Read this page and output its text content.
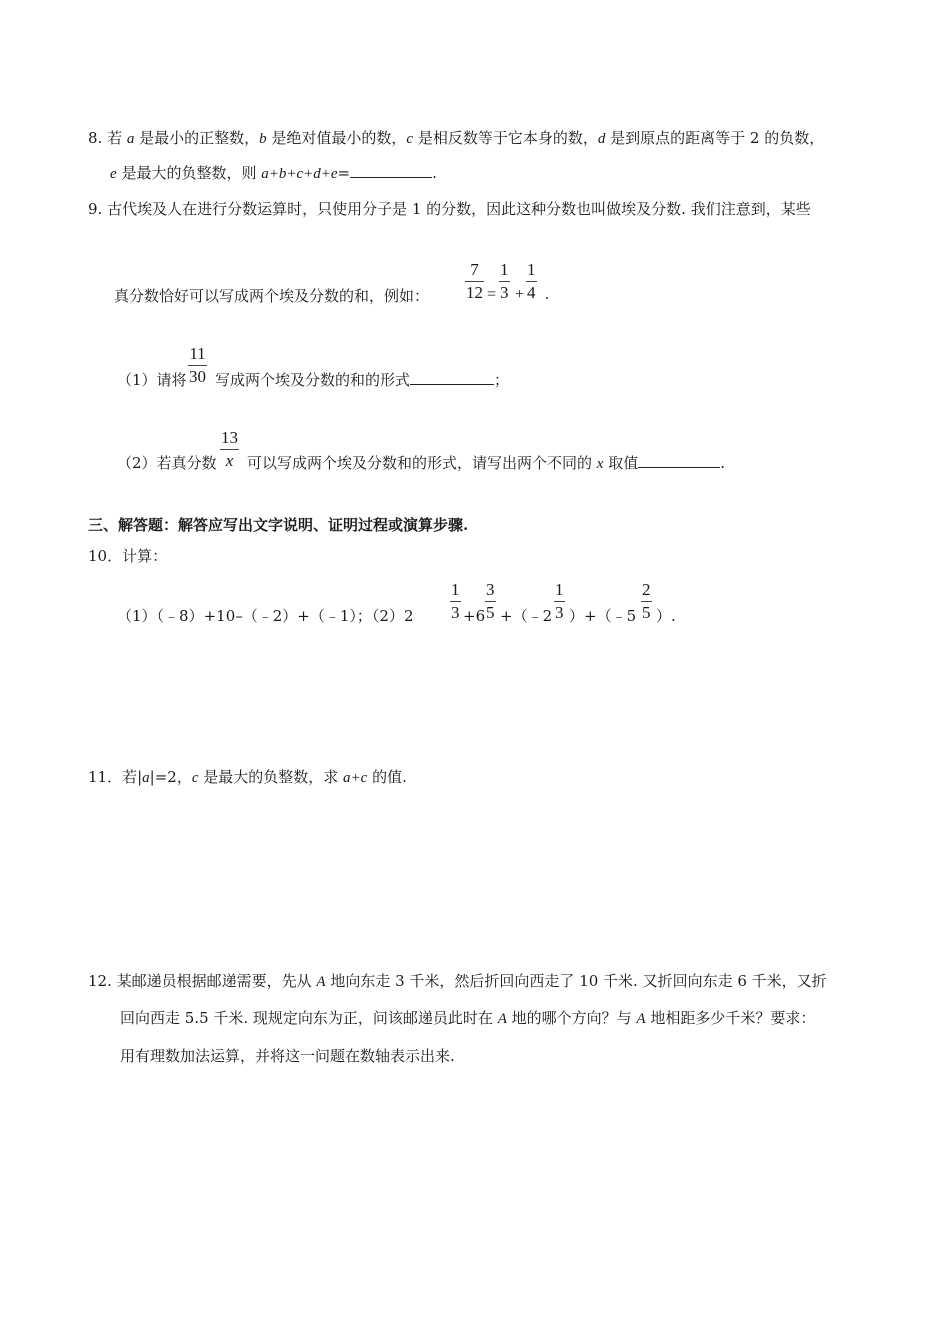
8. 若 a 是最小的正整数，b 是绝对值最小的数，c 是相反数等于它本身的数，d 是到原点的距离等于 2 的负数，
e 是最大的负整数，则 a+b+c+d+e=	.
9. 古代埃及人在进行分数运算时，只使用分子是 1 的分数，因此这种分数也叫做埃及分数. 我们注意到，某些
真分数恰好可以写成两个埃及分数的和，例如：
7
12 =
1
3 +
1
4 .
（1）请将
11
30 写成两个埃及分数的和的形式	；
（2）若真分数
13
x 可以写成两个埃及分数和的形式，请写出两个不同的 x 取值	.
三、解答题：解答应写出文字说明、证明过程或演算步骤.
10．计算：
（1）（﹣8）+10–（﹣2）+（﹣1）；（2）2
1
3 +6
3
5 +（﹣2
1
3 ）+（﹣5
2
5 ）.
11．若|a|=2，c 是最大的负整数，求 a+c 的值.
12. 某邮递员根据邮递需要，先从 A 地向东走 3 千米，然后折回向西走了 10 千米. 又折回向东走 6 千米，又折
回向西走 5.5 千米. 现规定向东为正，问该邮递员此时在 A 地的哪个方向？与 A 地相距多少千米？要求：
用有理数加法运算，并将这一问题在数轴表示出来.
